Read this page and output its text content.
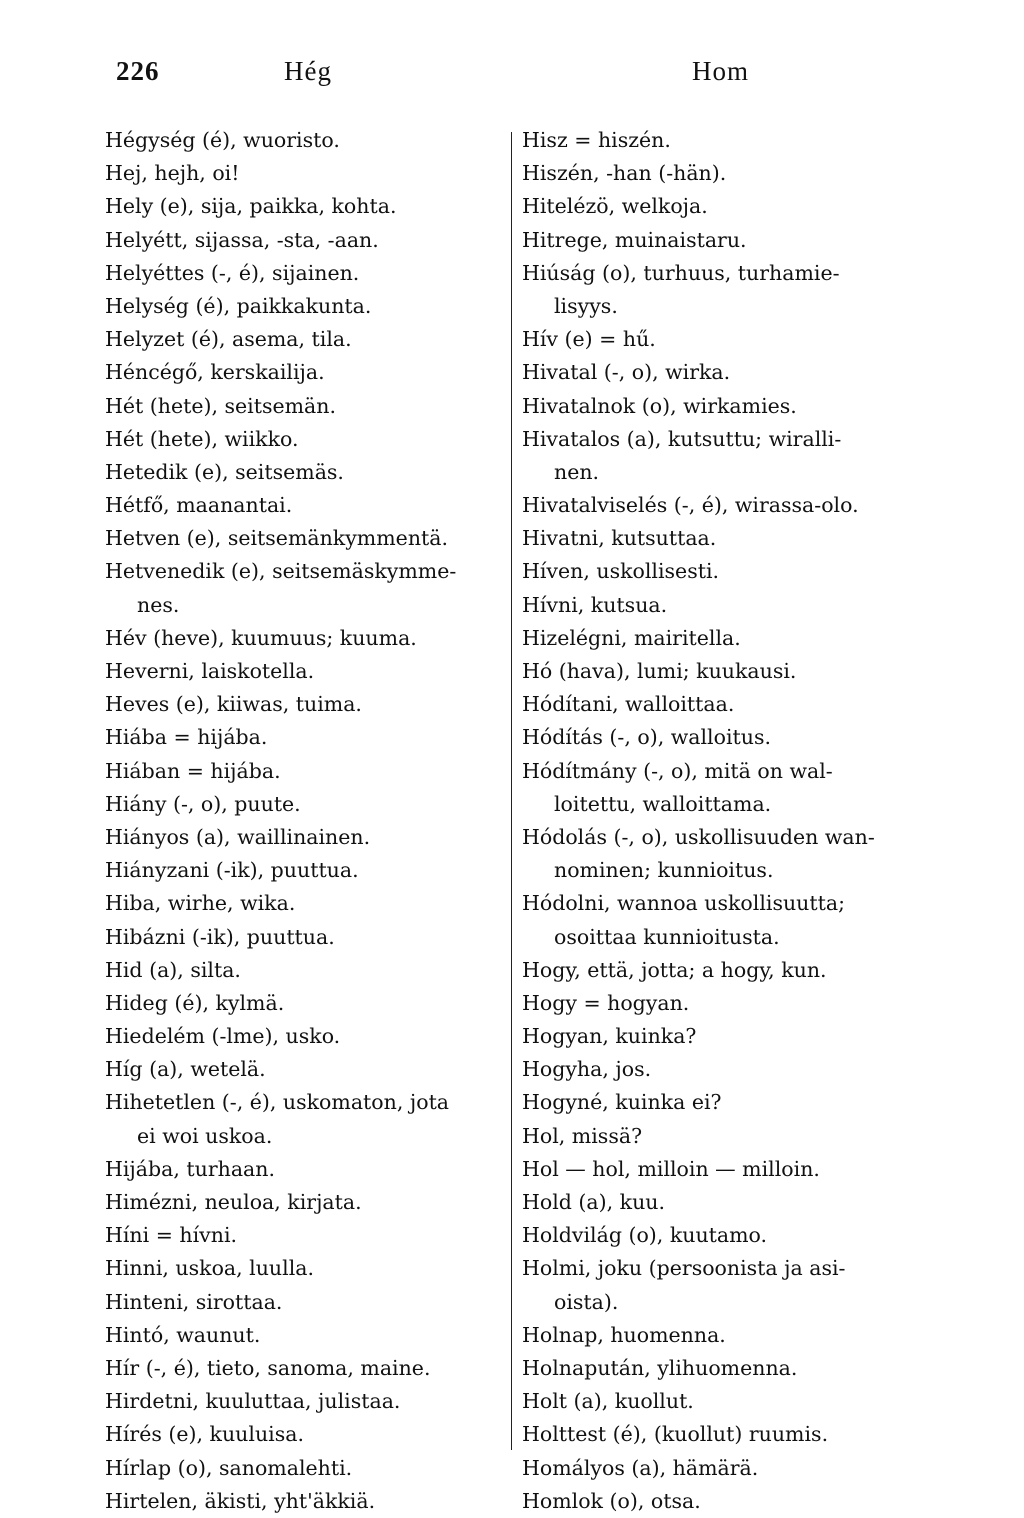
226	Hég	Hom
Hégység (é), wuoristo.
Hej, hejh, oi!
Hely (e), sija, paikka, kohta.
Helyétt, sijassa, -sta, -aan.
Helyéttes (-, é), sijainen.
Helység (é), paikkakunta.
Helyzet (é), asema, tila.
Héncégő, kerskailija.
Hét (hete), seitsemän.
Hét (hete), wiikko.
Hetedik (e), seitsemäs.
Hétfő, maanantai.
Hetven (e), seitsemänkymmentä.
Hetvenedik (e), seitsemäskymme-
nes.
Hév (heve), kuumuus; kuuma.
Heverni, laiskotella.
Heves (e), kiiwas, tuima.
Hiába = hijába.
Hiában = hijába.
Hiány (-, o), puute.
Hiányos (a), waillinainen.
Hiányzani (-ik), puuttua.
Hiba, wirhe, wika.
Hibázni (-ik), puuttua.
Hid (a), silta.
Hideg (é), kylmä.
Hiedelém (-lme), usko.
Híg (a), wetelä.
Hihetetlen (-, é), uskomaton, jota
ei woi uskoa.
Hijába, turhaan.
Himézni, neuloa, kirjata.
Híni = hívni.
Hinni, uskoa, luulla.
Hinteni, sirottaa.
Hintó, waunut.
Hír (-, é), tieto, sanoma, maine.
Hirdetni, kuuluttaa, julistaa.
Hírés (e), kuuluisa.
Hírlap (o), sanomalehti.
Hirtelen, äkisti, yht'äkkiä.
Hisz = hiszén.
Hiszén, -han (-hän).
Hitelézö, welkoja.
Hitrege, muinaistaru.
Hiúság (o), turhuus, turhamie-
lisyys.
Hív (e) = hű.
Hivatal (-, o), wirka.
Hivatalnok (o), wirkamies.
Hivatalos (a), kutsuttu; wiralli-
nen.
Hivatalviselés (-, é), wirassa-olo.
Hivatni, kutsuttaa.
Híven, uskollisesti.
Hívni, kutsua.
Hizelégni, mairitella.
Hó (hava), lumi; kuukausi.
Hódítani, walloittaa.
Hódítás (-, o), walloitus.
Hódítmány (-, o), mitä on wal-
loitettu, walloittama.
Hódolás (-, o), uskollisuuden wan-
nominen; kunnioitus.
Hódolni, wannoa uskollisuutta;
osoittaa kunnioitusta.
Hogy, että, jotta; a hogy, kun.
Hogy = hogyan.
Hogyan, kuinka?
Hogyha, jos.
Hogyné, kuinka ei?
Hol, missä?
Hol — hol, milloin — milloin.
Hold (a), kuu.
Holdvilág (o), kuutamo.
Holmi, joku (persoonista ja asi-
oista).
Holnap, huomenna.
Holnapután, ylihuomenna.
Holt (a), kuollut.
Holttest (é), (kuollut) ruumis.
Homályos (a), hämärä.
Homlok (o), otsa.
